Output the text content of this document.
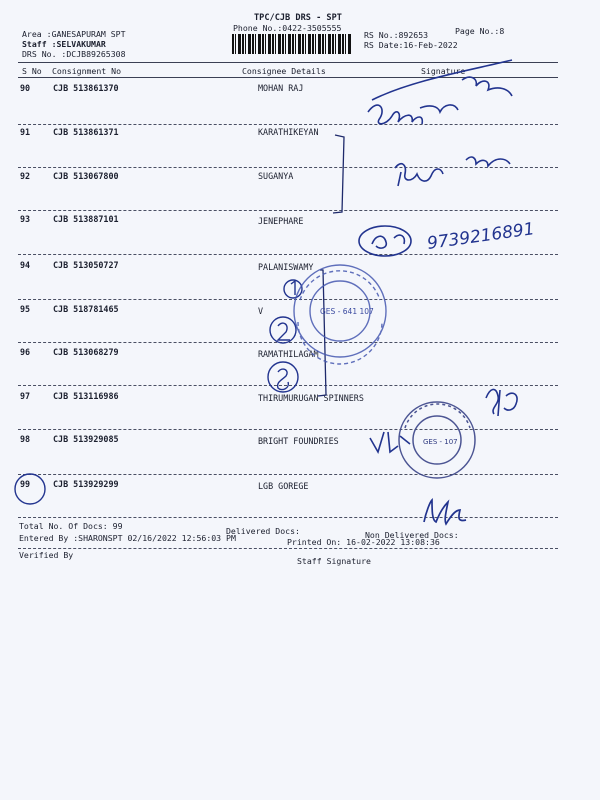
TPC/CJB DRS - SPT
Phone No.:0422-3505555
Area :GANESAPURAM SPT
Staff :SELVAKUMAR
DRS No. :DCJB89265308
RS No.:892653
RS Date:16-Feb-2022
Page No.:8
S No Consignment No	Consignee Details	Signature
90	CJB 513861370	MOHAN RAJ
91	CJB 513861371	KARATHIKEYAN
92	CJB 513067800	SUGANYA
93	CJB 513887101	JENEPHARE
94	CJB 513050727	PALANISWAMY
95	CJB 518781465	V
96	CJB 513068279	RAMATHILAGAM
97	CJB 513116986	THIRUMURUGAN SPINNERS
98	CJB 513929085	BRIGHT FOUNDRIES
99	CJB 513929299	LGB GOREGE
Total No. Of Docs: 99	Delivered Docs:	Non Delivered Docs:
Entered By :SHARONSPT 02/16/2022 12:56:03 PM	Printed On: 16-02-2022 13:08:36
Verified By
Staff Signature
9739216891
GES - 641 107
GES - 107
